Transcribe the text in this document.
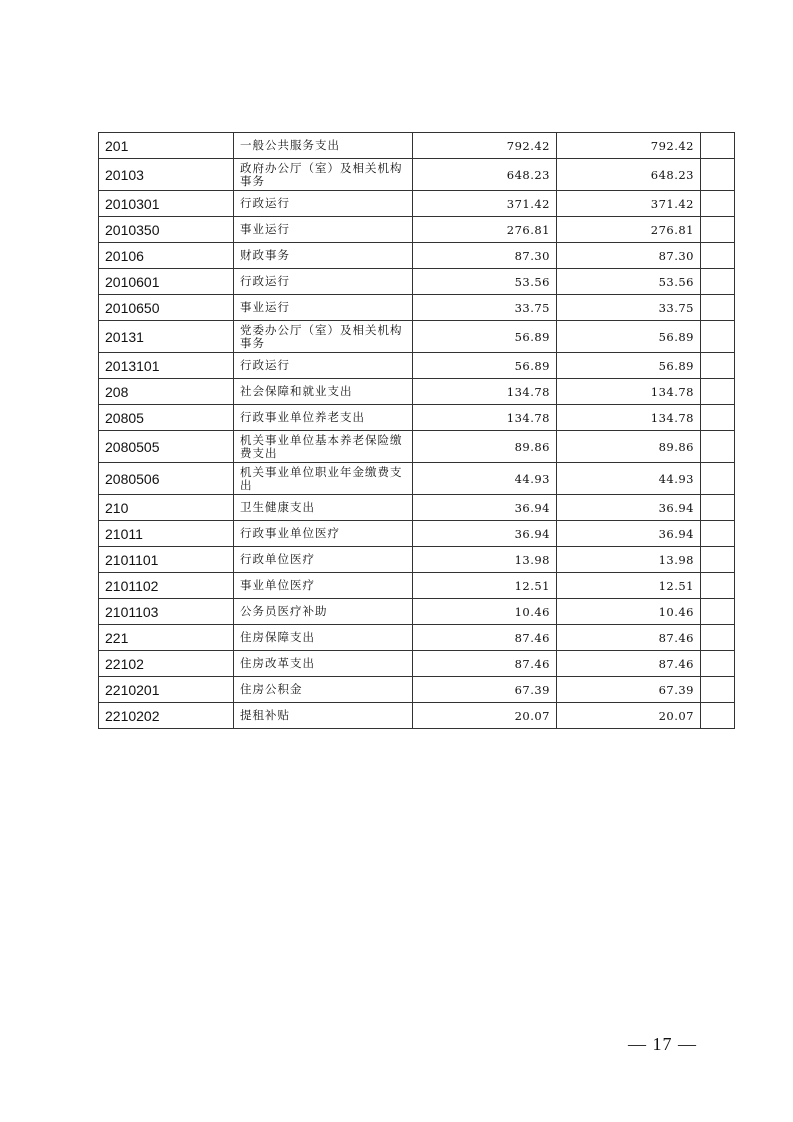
201	一般公共服务支出	792.42	792.42	
20103	政府办公厅（室）及相关机构事务	648.23	648.23	
2010301	行政运行	371.42	371.42	
2010350	事业运行	276.81	276.81	
20106	财政事务	87.30	87.30	
2010601	行政运行	53.56	53.56	
2010650	事业运行	33.75	33.75	
20131	党委办公厅（室）及相关机构事务	56.89	56.89	
2013101	行政运行	56.89	56.89	
208	社会保障和就业支出	134.78	134.78	
20805	行政事业单位养老支出	134.78	134.78	
2080505	机关事业单位基本养老保险缴费支出	89.86	89.86	
2080506	机关事业单位职业年金缴费支出	44.93	44.93	
210	卫生健康支出	36.94	36.94	
21011	行政事业单位医疗	36.94	36.94	
2101101	行政单位医疗	13.98	13.98	
2101102	事业单位医疗	12.51	12.51	
2101103	公务员医疗补助	10.46	10.46	
221	住房保障支出	87.46	87.46	
22102	住房改革支出	87.46	87.46	
2210201	住房公积金	67.39	67.39	
2210202	提租补贴	20.07	20.07	
— 17 —
